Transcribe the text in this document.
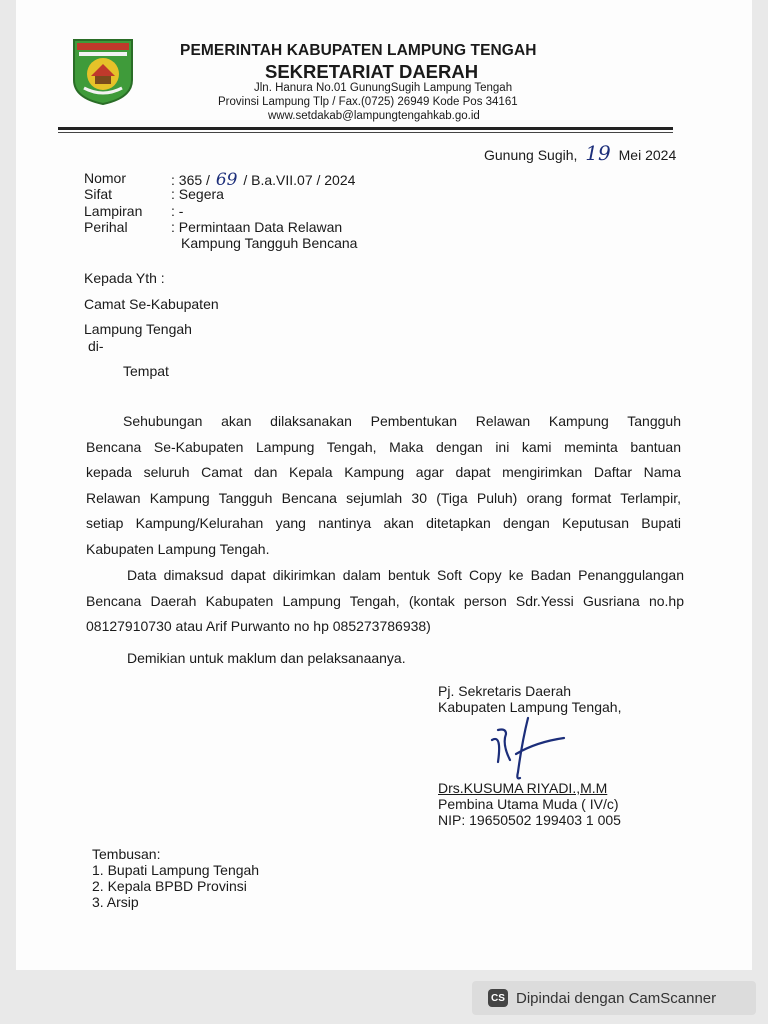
PEMERINTAH KABUPATEN LAMPUNG TENGAH
SEKRETARIAT DAERAH
Jln. Hanura No.01 GunungSugih Lampung Tengah
Provinsi Lampung Tlp / Fax.(0725) 26949 Kode Pos 34161
www.setdakab@lampungtengahkab.go.id
Gunung Sugih, 19 Mei 2024
Nomor	: 365 / 69 / B.a.VII.07 / 2024
Sifat	: Segera
Lampiran : -
Perihal	: Permintaan Data Relawan
Kampung Tangguh Bencana
Kepada Yth :
Camat Se-Kabupaten
Lampung Tengah
di-
Tempat
Sehubungan akan dilaksanakan Pembentukan Relawan Kampung Tangguh
Bencana Se-Kabupaten Lampung Tengah, Maka dengan ini kami meminta bantuan
kepada seluruh Camat dan Kepala Kampung agar dapat mengirimkan Daftar Nama
Relawan Kampung Tangguh Bencana sejumlah 30 (Tiga Puluh) orang format Terlampir,
setiap Kampung/Kelurahan yang nantinya akan ditetapkan dengan Keputusan Bupati
Kabupaten Lampung Tengah.
Data dimaksud dapat dikirimkan dalam bentuk Soft Copy ke Badan Penanggulangan
Bencana Daerah Kabupaten Lampung Tengah, (kontak person Sdr.Yessi Gusriana no.hp
08127910730 atau Arif Purwanto no hp 085273786938)
Demikian untuk maklum dan pelaksanaanya.
Pj. Sekretaris Daerah
Kabupaten Lampung Tengah,
Drs.KUSUMA RIYADI.,M.M
Pembina Utama Muda ( IV/c)
NIP: 19650502 199403 1 005
Tembusan:
1. Bupati Lampung Tengah
2. Kepala BPBD Provinsi
3. Arsip
CS Dipindai dengan CamScanner
